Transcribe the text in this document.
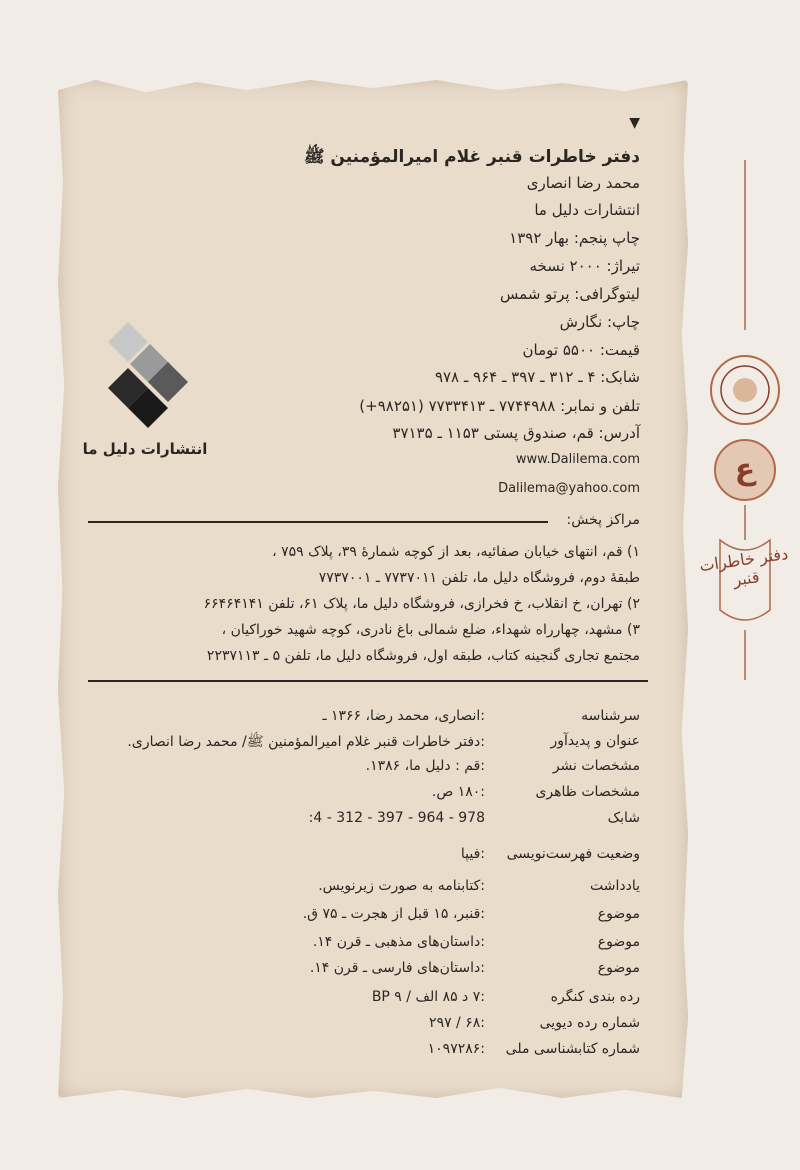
▼
دفتر خاطرات قنبر غلام امیرالمؤمنین ﷺ
محمد رضا انصاری
انتشارات دلیل ما
چاپ پنجم: بهار ۱۳۹۲
تیراژ: ۲۰۰۰ نسخه
لیتوگرافی: پرتو شمس
چاپ: نگارش
قیمت: ۵۵۰۰ تومان
شابک: ۴ ـ ۳۱۲ ـ ۳۹۷ ـ ۹۶۴ ـ ۹۷۸
تلفن و نمابر: ۷۷۴۴۹۸۸ ـ ۷۷۳۳۴۱۳ (۹۸۲۵۱+)
آدرس: قم، صندوق پستی ۱۱۵۳ ـ ۳۷۱۳۵
www.Dalilema.com
Dalilema@yahoo.com
انتشارات دلیل ما
مراکز پخش:
۱) قم، انتهای خیابان صفائیه، بعد از کوچه شمارهٔ ۳۹، پلاک ۷۵۹ ،
طبقهٔ دوم، فروشگاه دلیل ما، تلفن ۷۷۳۷۰۱۱ ـ ۷۷۳۷۰۰۱
۲) تهران، خ انقلاب، خ فخرازی، فروشگاه دلیل ما، پلاک ۶۱، تلفن ۶۶۴۶۴۱۴۱
۳) مشهد، چهارراه شهداء، ضلع شمالی باغ نادری، کوچه شهید خوراکیان ،
مجتمع تجاری گنجینه کتاب، طبقه اول، فروشگاه دلیل ما، تلفن ۵ ـ ۲۲۳۷۱۱۳
سرشناسه
:انصاری، محمد رضا، ۱۳۶۶ ـ
عنوان و پدیدآور
:دفتر خاطرات قنبر غلام امیرالمؤمنین ﷺ/ محمد رضا انصاری.
مشخصات نشر
:قم : دلیل ما، ۱۳۸۶.
مشخصات ظاهری
:۱۸۰ ص.
شابک
:4 - 312 - 397 - 964 - 978
وضعیت فهرست‌نویسی
:فیپا
یادداشت
:کتابنامه به صورت زیرنویس.
موضوع
:قنبر، ۱۵ قبل از هجرت ـ ۷۵ ق.
موضوع
:داستان‌های مذهبی ـ قرن ۱۴.
موضوع
:داستان‌های فارسی ـ قرن ۱۴.
رده بندی کنگره
:۷ د ۸۵ الف / BP ۹
شماره رده دیویی
:۶۸ / ۲۹۷
شماره کتابشناسی ملی
:۱۰۹۷۲۸۶
ع
دفتر خاطرات قنبر
